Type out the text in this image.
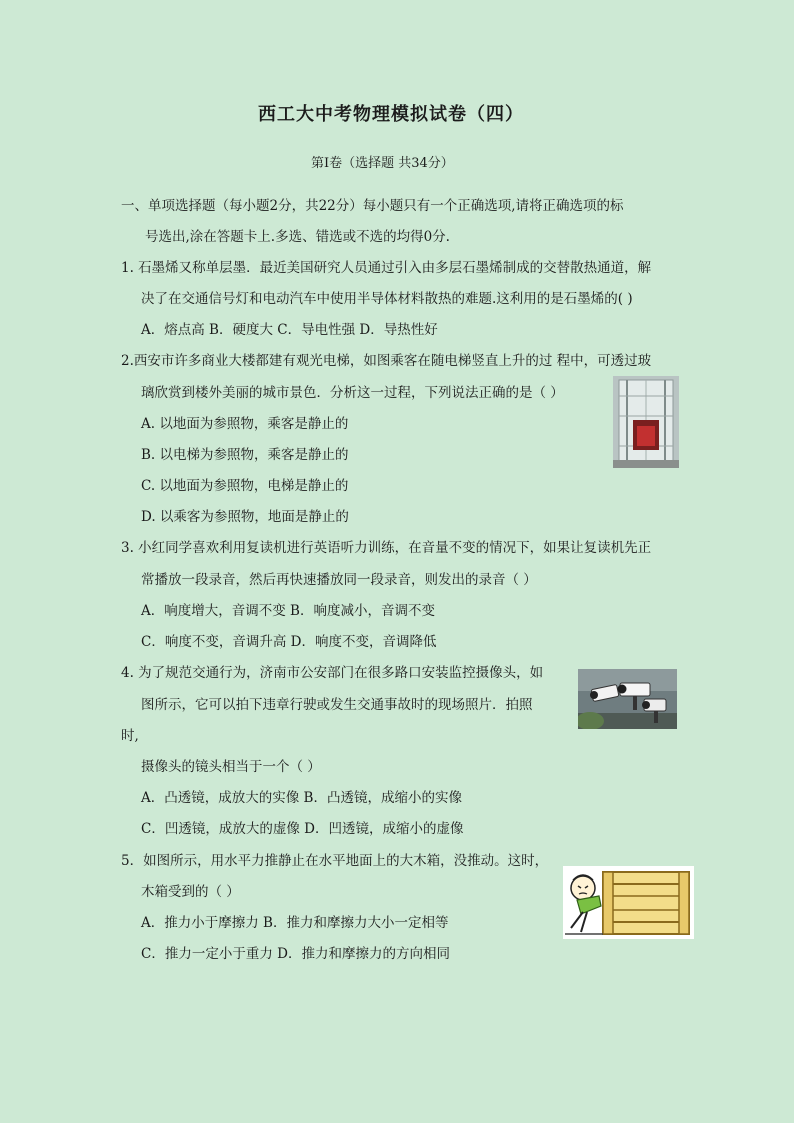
西工大中考物理模拟试卷（四）
第Ⅰ卷（选择题 共34分）
一、单项选择题（每小题2分，共22分）每小题只有一个正确选项,请将正确选项的标
号选出,涂在答题卡上.多选、错选或不选的均得0分.
1. 石墨烯又称单层墨．最近美国研究人员通过引入由多层石墨烯制成的交替散热通道，解
决了在交通信号灯和电动汽车中使用半导体材料散热的难题.这利用的是石墨烯的( )
A．熔点高 B．硬度大 C．导电性强 D．导热性好
2.西安市许多商业大楼都建有观光电梯，如图乘客在随电梯竖直上升的过 程中，可透过玻
璃欣赏到楼外美丽的城市景色．分析这一过程，下列说法正确的是（ ）
A. 以地面为参照物，乘客是静止的
B. 以电梯为参照物，乘客是静止的
C. 以地面为参照物，电梯是静止的
D. 以乘客为参照物，地面是静止的
3. 小红同学喜欢利用复读机进行英语听力训练，在音量不变的情况下，如果让复读机先正
常播放一段录音，然后再快速播放同一段录音，则发出的录音（ ）
A．响度增大，音调不变 B．响度减小，音调不变
C．响度不变，音调升高 D．响度不变，音调降低
4. 为了规范交通行为，济南市公安部门在很多路口安装监控摄像头，如
图所示，它可以拍下违章行驶或发生交通事故时的现场照片．拍照
时,
摄像头的镜头相当于一个（ ）
A．凸透镜，成放大的实像 B．凸透镜，成缩小的实像
C．凹透镜，成放大的虚像 D．凹透镜，成缩小的虚像
5．如图所示，用水平力推静止在水平地面上的大木箱，没推动。这时，
木箱受到的（ ）
A．推力小于摩擦力 B．推力和摩擦力大小一定相等
C．推力一定小于重力 D．推力和摩擦力的方向相同
